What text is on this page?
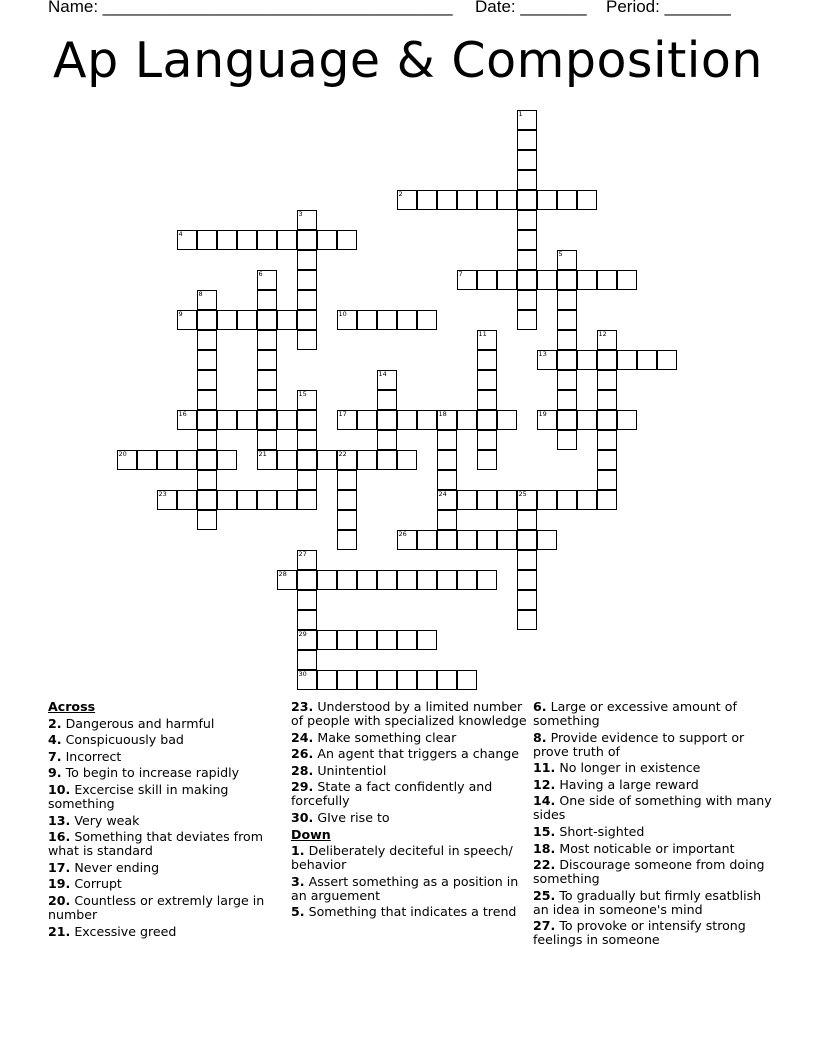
Name: _____________________________________ Date: _______ Period: _______
Ap Language & Composition
1
2
3
4
5
6	7
8
9	10
11	12
13
14
15
16	17	18
24
19
20	21	22
23	25
26
27
29
30
28
Across
2. Dangerous and harmful
4. Conspicuously bad
7. Incorrect
9. To begin to increase rapidly
10. Excercise skill in making something
13. Very weak
16. Something that deviates from what is standard
17. Never ending
19. Corrupt
20. Countless or extremly large in number
21. Excessive greed
23. Understood by a limited number of people with specialized knowledge
24. Make something clear
26. An agent that triggers a change
28. Unintentiol
29. State a fact confidently and forcefully
30. GIve rise to
Down
1. Deliberately deciteful in speech/ behavior
3. Assert something as a position in an arguement
5. Something that indicates a trend
6. Large or excessive amount of something
8. Provide evidence to support or prove truth of
11. No longer in existence
12. Having a large reward
14. One side of something with many sides
15. Short-sighted
18. Most noticable or important
22. Discourage someone from doing something
25. To gradually but firmly esatblish an idea in someone's mind
27. To provoke or intensify strong feelings in someone
